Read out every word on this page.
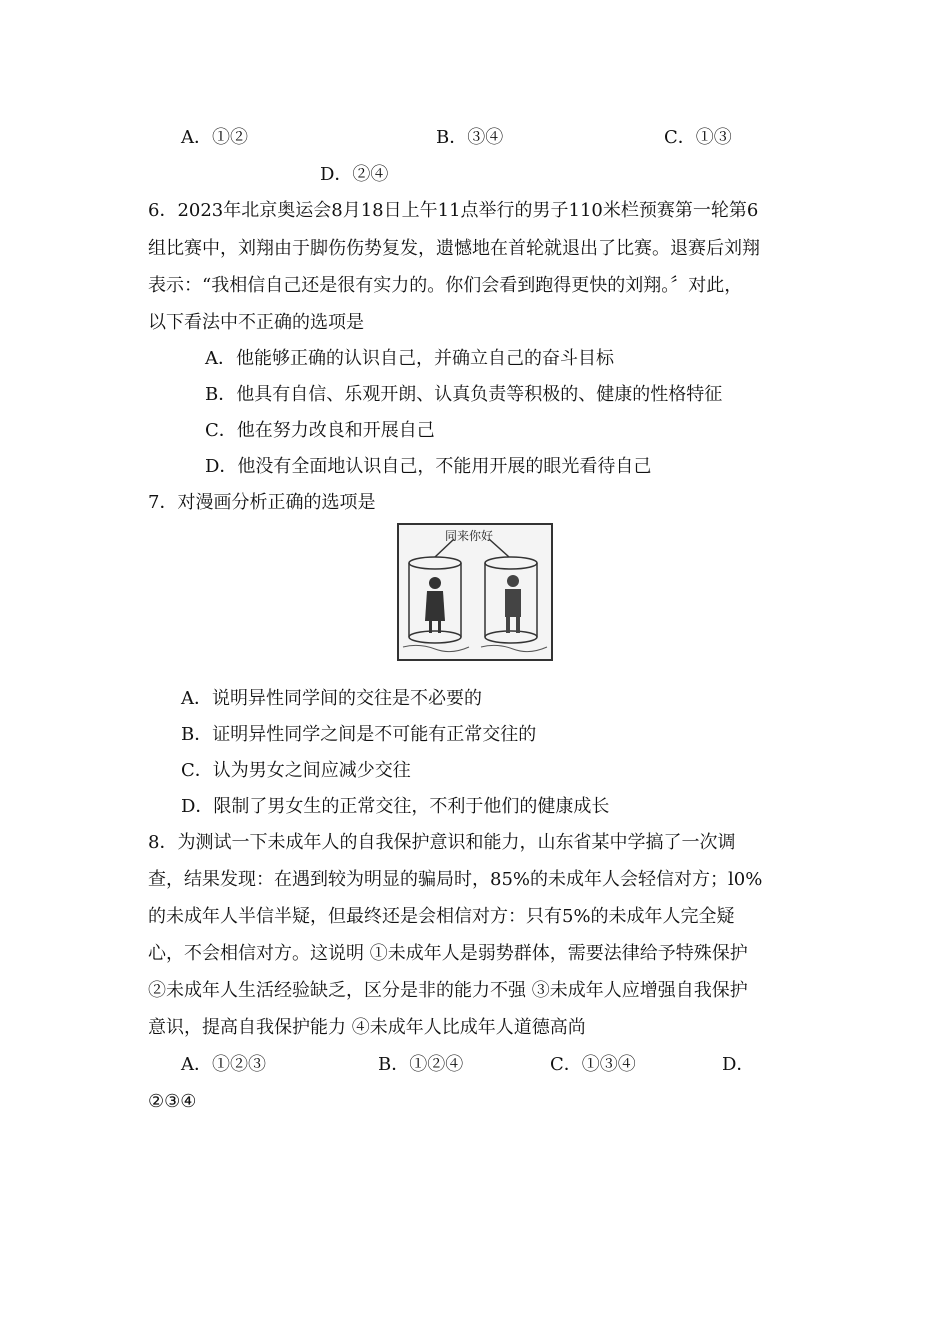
A．①②	B．③④	C．①③
D．②④
6．2023年北京奥运会8月18日上午11点举行的男子110米栏预赛第一轮第6
组比赛中，刘翔由于脚伤伤势复发，遗憾地在首轮就退出了比赛。退赛后刘翔
表示：“我相信自己还是很有实力的。你们会看到跑得更快的刘翔。〞对此，
以下看法中不正确的选项是
A．他能够正确的认识自己，并确立自己的奋斗目标
B．他具有自信、乐观开朗、认真负责等积极的、健康的性格特征
C．他在努力改良和开展自己
D．他没有全面地认识自己，不能用开展的眼光看待自己
7．对漫画分析正确的选项是
同来你好
A．说明异性同学间的交往是不必要的
B．证明异性同学之间是不可能有正常交往的
C．认为男女之间应减少交往
D．限制了男女生的正常交往，不利于他们的健康成长
8．为测试一下未成年人的自我保护意识和能力，山东省某中学搞了一次调
查，结果发现：在遇到较为明显的骗局时，85%的未成年人会轻信对方；l0%
的未成年人半信半疑，但最终还是会相信对方：只有5%的未成年人完全疑
心，不会相信对方。这说明 ①未成年人是弱势群体，需要法律给予特殊保护
②未成年人生活经验缺乏，区分是非的能力不强 ③未成年人应增强自我保护
意识，提高自我保护能力 ④未成年人比成年人道德高尚
A．①②③	B．①②④	C．①③④	D．
②③④
